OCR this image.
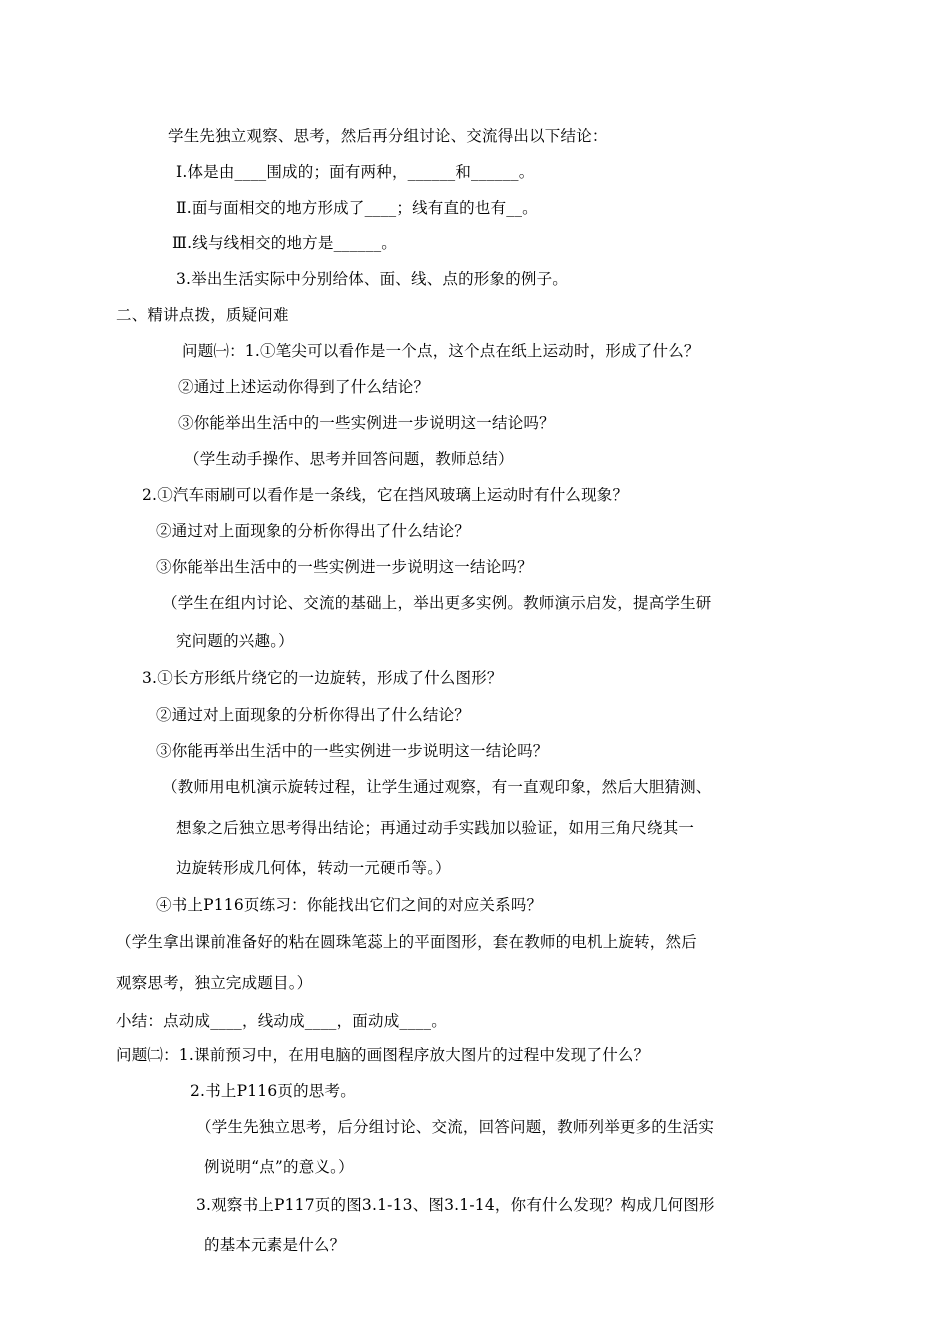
学生先独立观察、思考，然后再分组讨论、交流得出以下结论：
Ⅰ.体是由____围成的；面有两种，______和______。
Ⅱ.面与面相交的地方形成了____；线有直的也有__。
Ⅲ.线与线相交的地方是______。
3.举出生活实际中分别给体、面、线、点的形象的例子。
二、精讲点拨，质疑问难
问题㈠：1.①笔尖可以看作是一个点，这个点在纸上运动时，形成了什么？
②通过上述运动你得到了什么结论？
③你能举出生活中的一些实例进一步说明这一结论吗？
（学生动手操作、思考并回答问题，教师总结）
2.①汽车雨刷可以看作是一条线，它在挡风玻璃上运动时有什么现象？
②通过对上面现象的分析你得出了什么结论？
③你能举出生活中的一些实例进一步说明这一结论吗？
（学生在组内讨论、交流的基础上，举出更多实例。教师演示启发，提高学生研
究问题的兴趣。）
3.①长方形纸片绕它的一边旋转，形成了什么图形？
②通过对上面现象的分析你得出了什么结论？
③你能再举出生活中的一些实例进一步说明这一结论吗？
（教师用电机演示旋转过程，让学生通过观察，有一直观印象，然后大胆猜测、
想象之后独立思考得出结论；再通过动手实践加以验证，如用三角尺绕其一
边旋转形成几何体，转动一元硬币等。）
④书上P116页练习：你能找出它们之间的对应关系吗？
（学生拿出课前准备好的粘在圆珠笔蕊上的平面图形，套在教师的电机上旋转，然后
观察思考，独立完成题目。）
小结：点动成____，线动成____，面动成____。
问题㈡：1.课前预习中，在用电脑的画图程序放大图片的过程中发现了什么？
2.书上P116页的思考。
（学生先独立思考，后分组讨论、交流，回答问题，教师列举更多的生活实
例说明“点”的意义。）
3.观察书上P117页的图3.1-13、图3.1-14，你有什么发现？构成几何图形
的基本元素是什么？
